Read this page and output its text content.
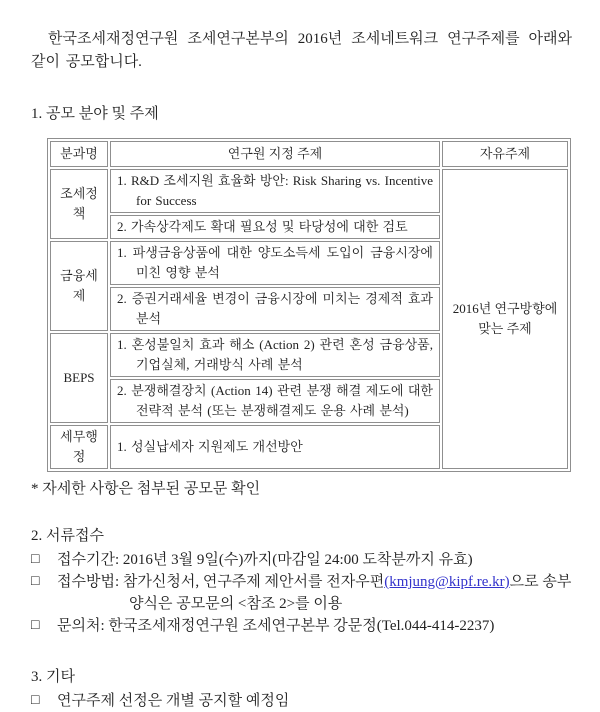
한국조세재정연구원 조세연구본부의 2016년 조세네트워크 연구주제를 아래와 같이 공모합니다.

1. 공모 분야 및 주제
분과명	연구원 지정 주제	자유주제
조세정책	1. R&D 조세지원 효율화 방안: Risk Sharing vs. Incentive for Success	2016년 연구방향에 맞는 주제

	2. 가속상각제도 확대 필요성 및 타당성에 대한 검토	

금융세제	1. 파생금융상품에 대한 양도소득세 도입이 금융시장에 미친 영향 분석	

	2. 증권거래세율 변경이 금융시장에 미치는 경제적 효과 분석	

BEPS	1. 혼성불일치 효과 해소 (Action 2) 관련 혼성 금융상품, 기업실체, 거래방식 사례 분석	

	2. 분쟁해결장치 (Action 14) 관련 분쟁 해결 제도에 대한 전략적 분석 (또는 분쟁해결제도 운용 사례 분석)	

세무행정	1. 성실납세자 지원제도 개선방안	

* 자세한 사항은 첨부된 공모문 확인

2. 서류접수
□	접수기간: 2016년 3월 9일(수)까지(마감일 24:00 도착분까지 유효)
□	접수방법: 참가신청서, 연구주제 제안서를 전자우편(kmjung@kipf.re.kr)으로 송부
양식은 공모문의 <참조 2>를 이용
□	문의처: 한국조세재정연구원 조세연구본부 강문정(Tel.044-414-2237)
3. 기타
□	연구주제 선정은 개별 공지할 예정임
